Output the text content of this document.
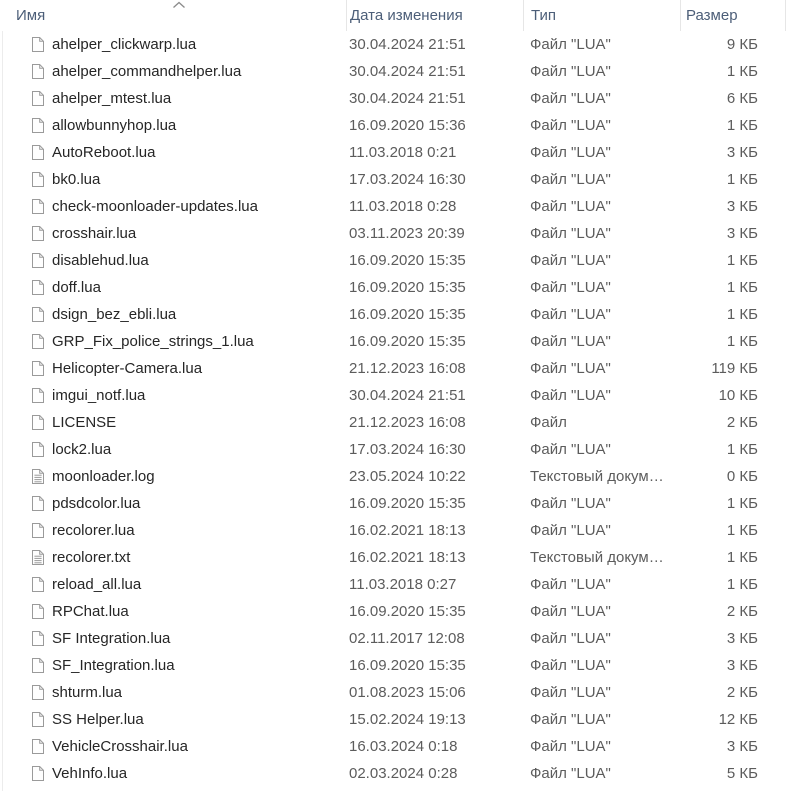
Имя	Дата изменения	Тип	Размер
ahelper_clickwarp.lua	30.04.2024 21:51	Файл "LUA"	9 КБ
ahelper_commandhelper.lua	30.04.2024 21:51	Файл "LUA"	1 КБ
ahelper_mtest.lua	30.04.2024 21:51	Файл "LUA"	6 КБ
allowbunnyhop.lua	16.09.2020 15:36	Файл "LUA"	1 КБ
AutoReboot.lua	11.03.2018 0:21	Файл "LUA"	3 КБ
bk0.lua	17.03.2024 16:30	Файл "LUA"	1 КБ
check-moonloader-updates.lua	11.03.2018 0:28	Файл "LUA"	3 КБ
crosshair.lua	03.11.2023 20:39	Файл "LUA"	3 КБ
disablehud.lua	16.09.2020 15:35	Файл "LUA"	1 КБ
doff.lua	16.09.2020 15:35	Файл "LUA"	1 КБ
dsign_bez_ebli.lua	16.09.2020 15:35	Файл "LUA"	1 КБ
GRP_Fix_police_strings_1.lua	16.09.2020 15:35	Файл "LUA"	1 КБ
Helicopter-Camera.lua	21.12.2023 16:08	Файл "LUA"	119 КБ
imgui_notf.lua	30.04.2024 21:51	Файл "LUA"	10 КБ
LICENSE	21.12.2023 16:08	Файл	2 КБ
lock2.lua	17.03.2024 16:30	Файл "LUA"	1 КБ
moonloader.log	23.05.2024 10:22	Текстовый докум…	0 КБ
pdsdcolor.lua	16.09.2020 15:35	Файл "LUA"	1 КБ
recolorer.lua	16.02.2021 18:13	Файл "LUA"	1 КБ
recolorer.txt	16.02.2021 18:13	Текстовый докум…	1 КБ
reload_all.lua	11.03.2018 0:27	Файл "LUA"	1 КБ
RPChat.lua	16.09.2020 15:35	Файл "LUA"	2 КБ
SF Integration.lua	02.11.2017 12:08	Файл "LUA"	3 КБ
SF_Integration.lua	16.09.2020 15:35	Файл "LUA"	3 КБ
shturm.lua	01.08.2023 15:06	Файл "LUA"	2 КБ
SS Helper.lua	15.02.2024 19:13	Файл "LUA"	12 КБ
VehicleCrosshair.lua	16.03.2024 0:18	Файл "LUA"	3 КБ
VehInfo.lua	02.03.2024 0:28	Файл "LUA"	5 КБ
